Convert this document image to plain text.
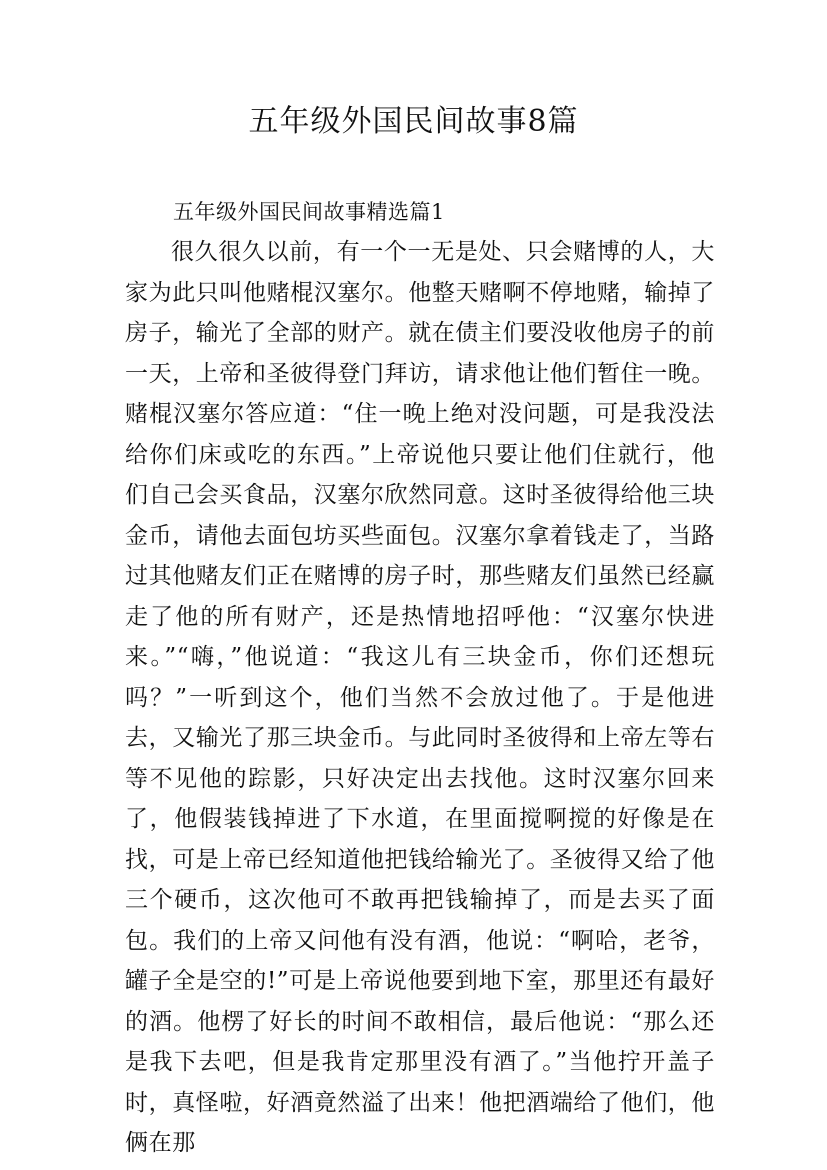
五年级外国民间故事8篇

五年级外国民间故事精选篇1

很久很久以前，有一个一无是处、只会赌博的人，大家为此只叫他赌棍汉塞尔。他整天赌啊不停地赌，输掉了房子，输光了全部的财产。就在债主们要没收他房子的前一天，上帝和圣彼得登门拜访，请求他让他们暂住一晚。赌棍汉塞尔答应道：“住一晚上绝对没问题，可是我没法给你们床或吃的东西。”上帝说他只要让他们住就行，他们自己会买食品，汉塞尔欣然同意。这时圣彼得给他三块金币，请他去面包坊买些面包。汉塞尔拿着钱走了，当路过其他赌友们正在赌博的房子时，那些赌友们虽然已经赢走了他的所有财产，还是热情地招呼他：“汉塞尔快进来。”“嗨，”他说道：“我这儿有三块金币，你们还想玩吗？”一听到这个，他们当然不会放过他了。于是他进去，又输光了那三块金币。与此同时圣彼得和上帝左等右等不见他的踪影，只好决定出去找他。这时汉塞尔回来了，他假装钱掉进了下水道，在里面搅啊搅的好像是在找，可是上帝已经知道他把钱给输光了。圣彼得又给了他三个硬币，这次他可不敢再把钱输掉了，而是去买了面包。我们的上帝又问他有没有酒，他说：“啊哈，老爷，罐子全是空的!”可是上帝说他要到地下室，那里还有最好的酒。他楞了好长的时间不敢相信，最后他说：“那么还是我下去吧，但是我肯定那里没有酒了。”当他拧开盖子时，真怪啦，好酒竟然溢了出来！他把酒端给了他们，他俩在那
